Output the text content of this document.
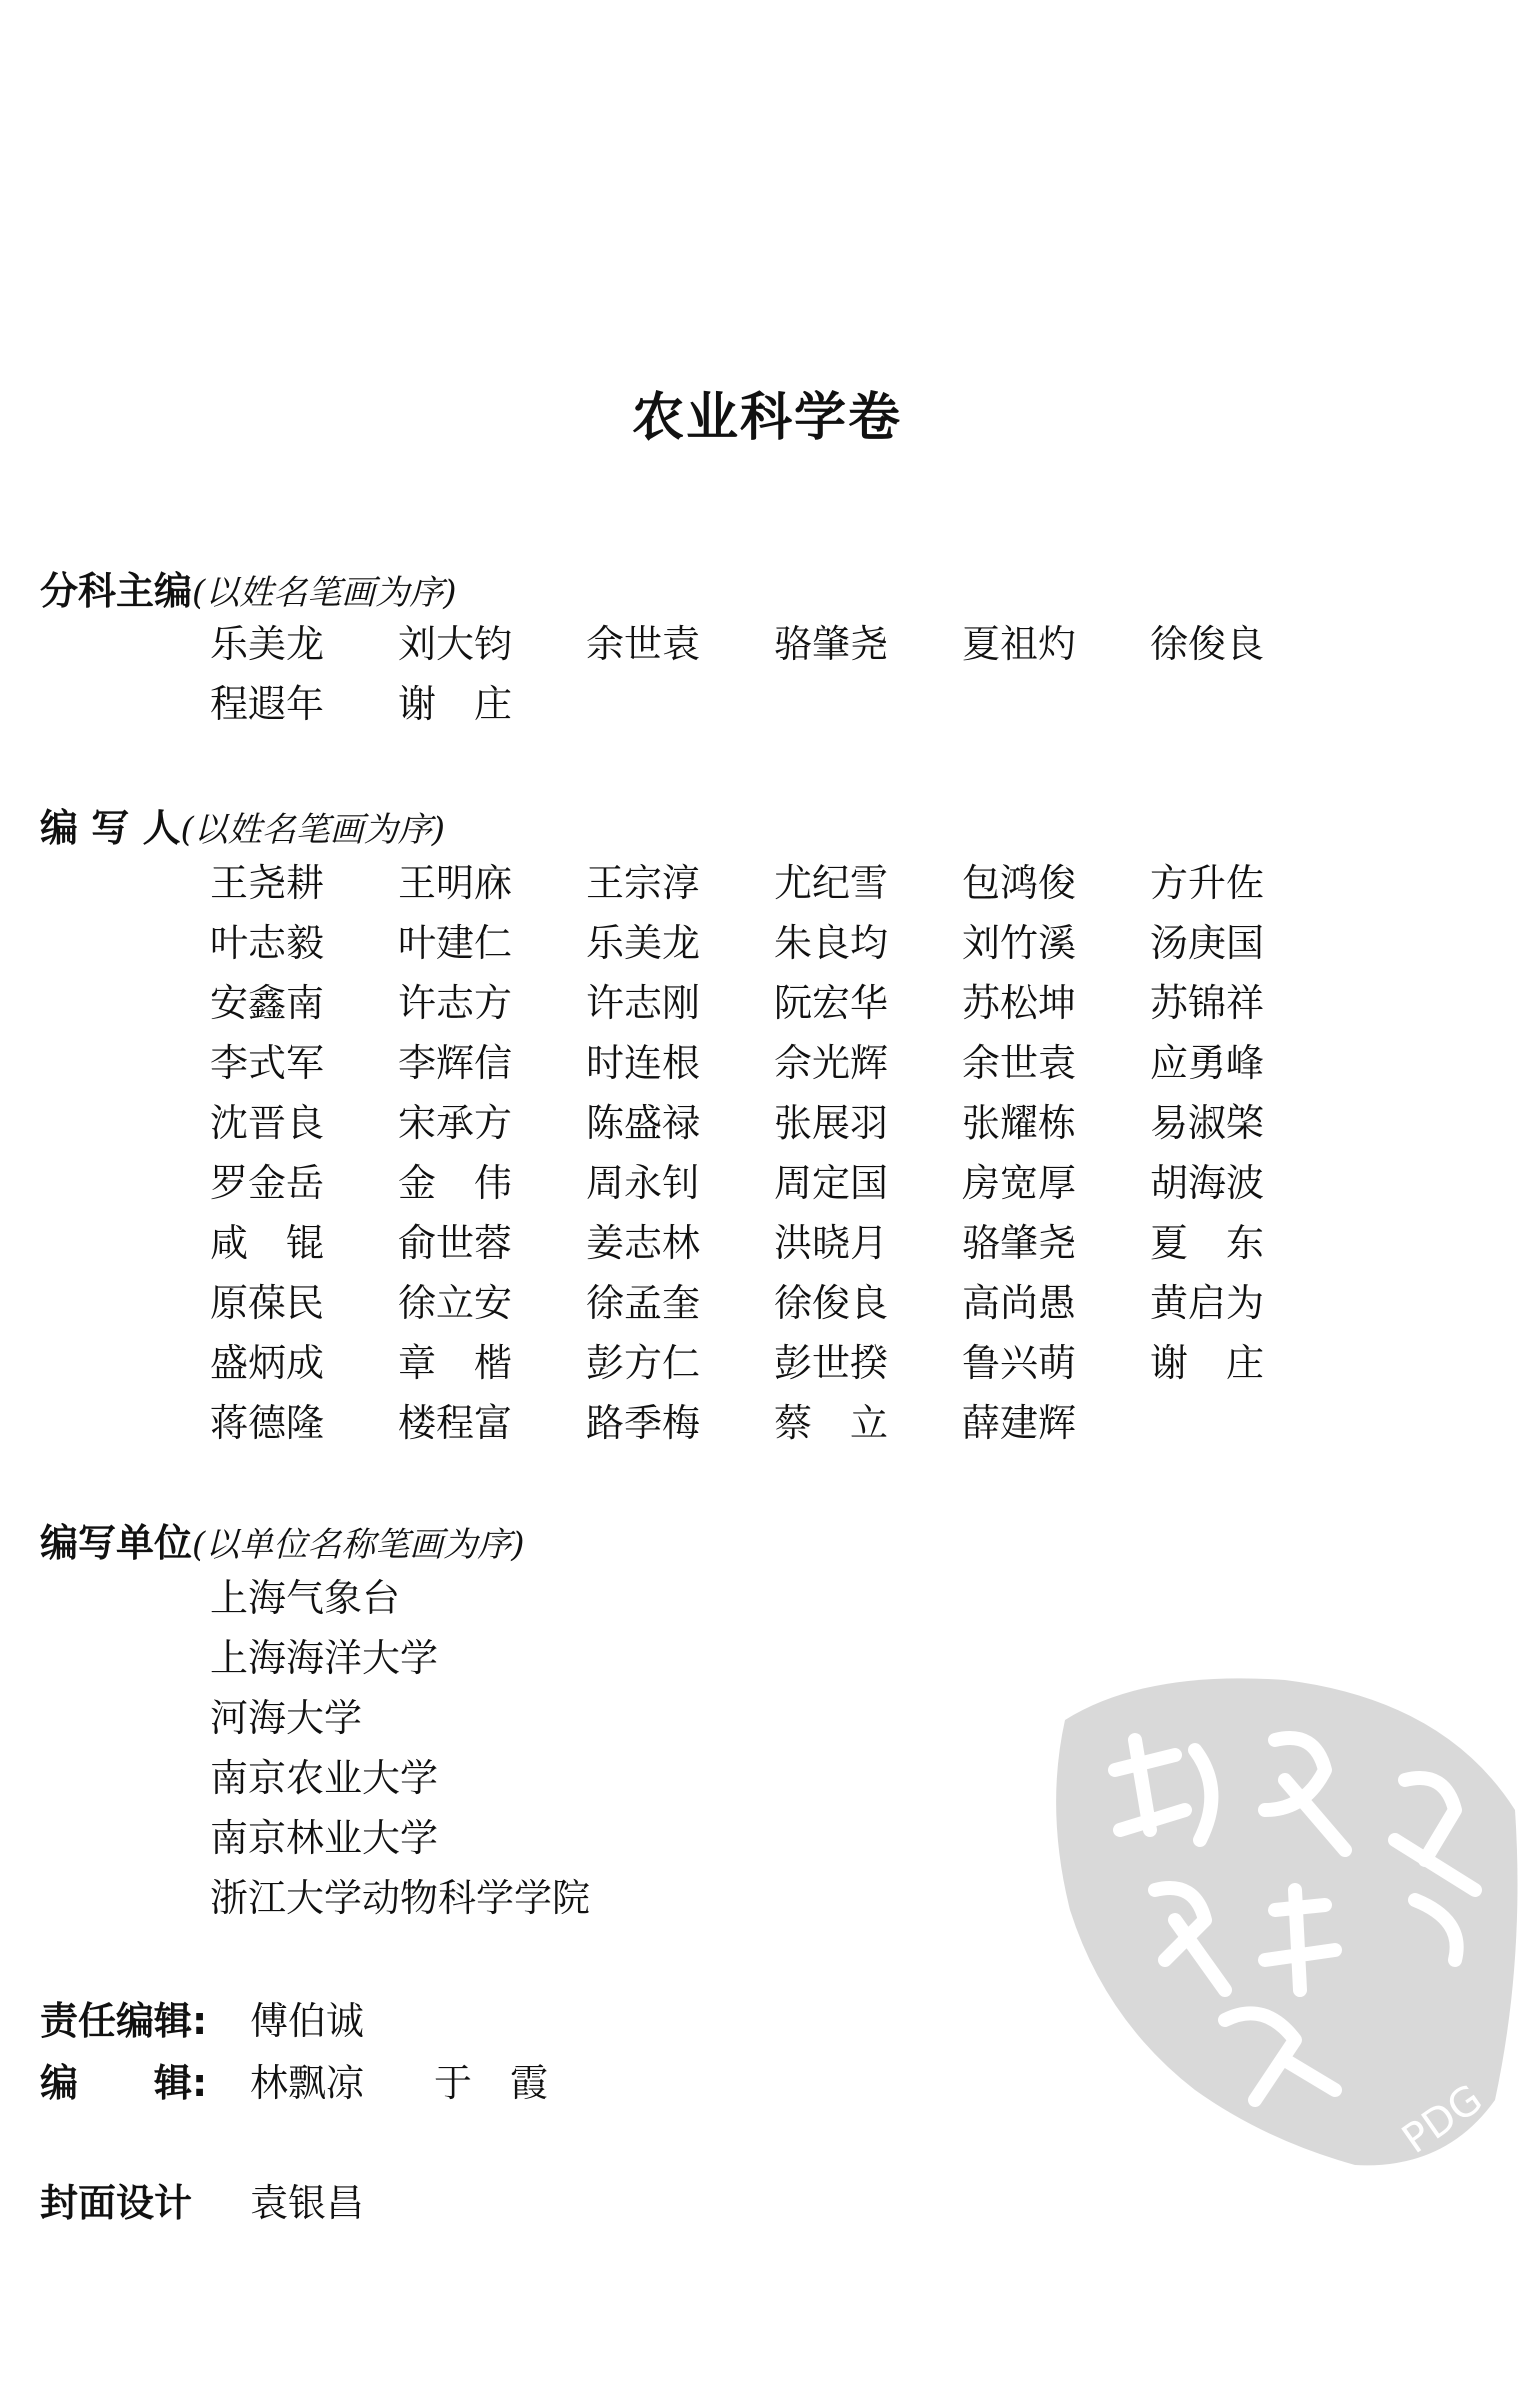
农业科学卷
分科主编(以姓名笔画为序)
乐美龙	刘大钧	余世袁	骆肇尧	夏祖灼	徐俊良
程遐年	谢　庄
编 写 人(以姓名笔画为序)
王尧耕	王明庥	王宗淳	尤纪雪	包鸿俊	方升佐
叶志毅	叶建仁	乐美龙	朱良均	刘竹溪	汤庚国
安鑫南	许志方	许志刚	阮宏华	苏松坤	苏锦祥
李式军	李辉信	时连根	佘光辉	余世袁	应勇峰
沈晋良	宋承方	陈盛禄	张展羽	张耀栋	易淑棨
罗金岳	金　伟	周永钊	周定国	房宽厚	胡海波
咸　锟	俞世蓉	姜志林	洪晓月	骆肇尧	夏　东
原葆民	徐立安	徐孟奎	徐俊良	高尚愚	黄启为
盛炳成	章　楷	彭方仁	彭世揆	鲁兴萌	谢　庄
蒋德隆	楼程富	路季梅	蔡　立	薛建辉
编写单位(以单位名称笔画为序)
上海气象台
上海海洋大学
河海大学
南京农业大学
南京林业大学
浙江大学动物科学学院
责任编辑: 傅伯诚
编　　辑: 林飘凉 于　霞
封面设计 袁银昌
PDG
